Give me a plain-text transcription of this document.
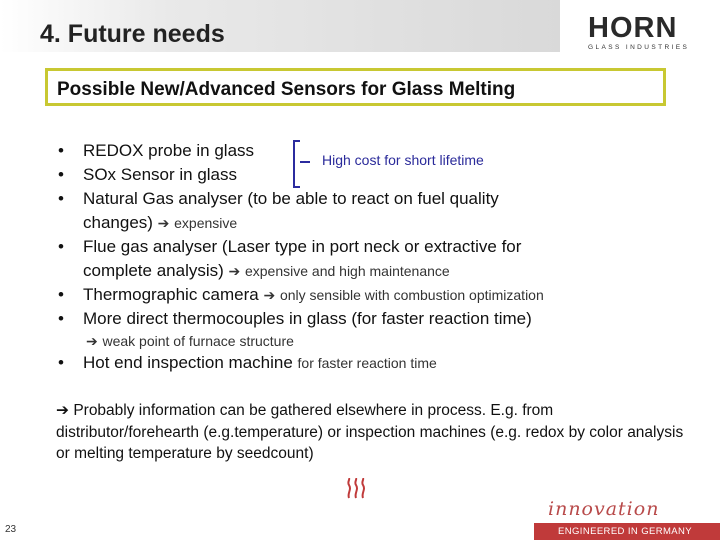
4. Future needs	HORN
GLASS INDUSTRIES
Possible New/Advanced Sensors for Glass Melting
• REDOX probe in glass
• SOx Sensor in glass
• Natural Gas analyser (to be able to react on fuel quality
changes) ➔ expensive
• Flue gas analyser (Laser type in port neck or extractive for
complete analysis) ➔ expensive and high maintenance
• Thermographic camera ➔ only sensible with combustion optimization
• More direct thermocouples in glass (for faster reaction time)
➔ weak point of furnace structure
• Hot end inspection machine for faster reaction time
High cost for short lifetime
➔ Probably information can be gathered elsewhere in process. E.g. from distributor/forehearth (e.g.temperature) or inspection machines (e.g. redox by color analysis or melting temperature by seedcount)
23
innovation
ENGINEERED IN GERMANY
